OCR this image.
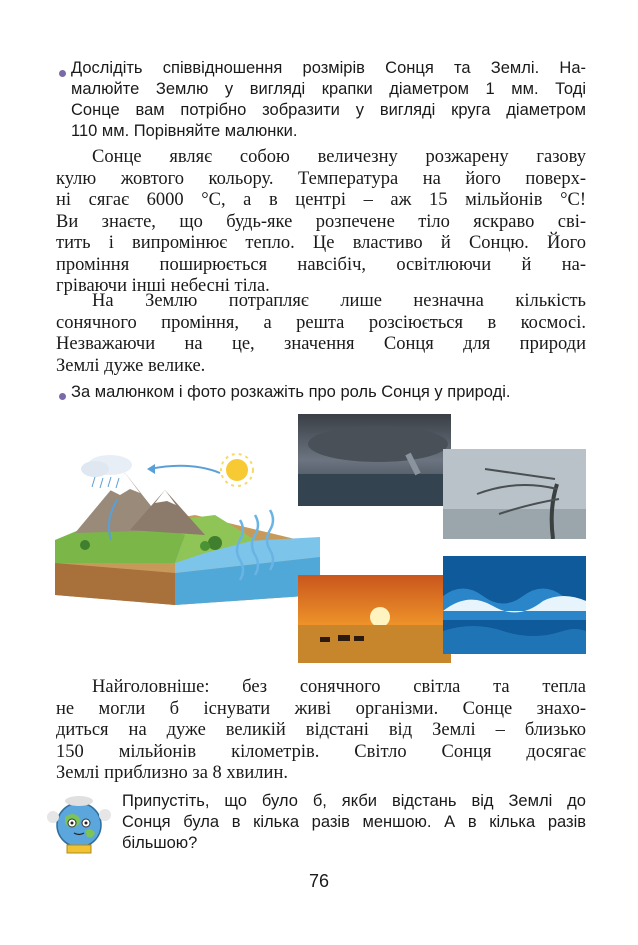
Дослідіть співвідношення розмірів Сонця та Землі. На-
малюйте Землю у вигляді крапки діаметром 1 мм. Тоді
Сонце вам потрібно зобразити у вигляді круга діаметром
110 мм. Порівняйте малюнки.
Сонце являє собою величезну розжарену газову
кулю жовтого кольору. Температура на його поверх-
ні сягає 6000 °С, а в центрі – аж 15 мільйонів °С!
Ви знаєте, що будь-яке розпечене тіло яскраво сві-
тить і випромінює тепло. Це властиво й Сонцю. Його
проміння поширюється навсібіч, освітлюючи й на-
гріваючи інші небесні тіла.
На Землю потрапляє лише незначна кількість
сонячного проміння, а решта розсіюється в космосі.
Незважаючи на це, значення Сонця для природи
Землі дуже велике.
За малюнком і фото розкажіть про роль Сонця у природі.
Найголовніше: без сонячного світла та тепла
не могли б існувати живі організми. Сонце знахо-
диться на дуже великій відстані від Землі – близько
150 мільйонів кілометрів. Світло Сонця досягає
Землі приблизно за 8 хвилин.
Припустіть, що було б, якби відстань від Землі до
Сонця була в кілька разів меншою. А в кілька разів
більшою?
76
